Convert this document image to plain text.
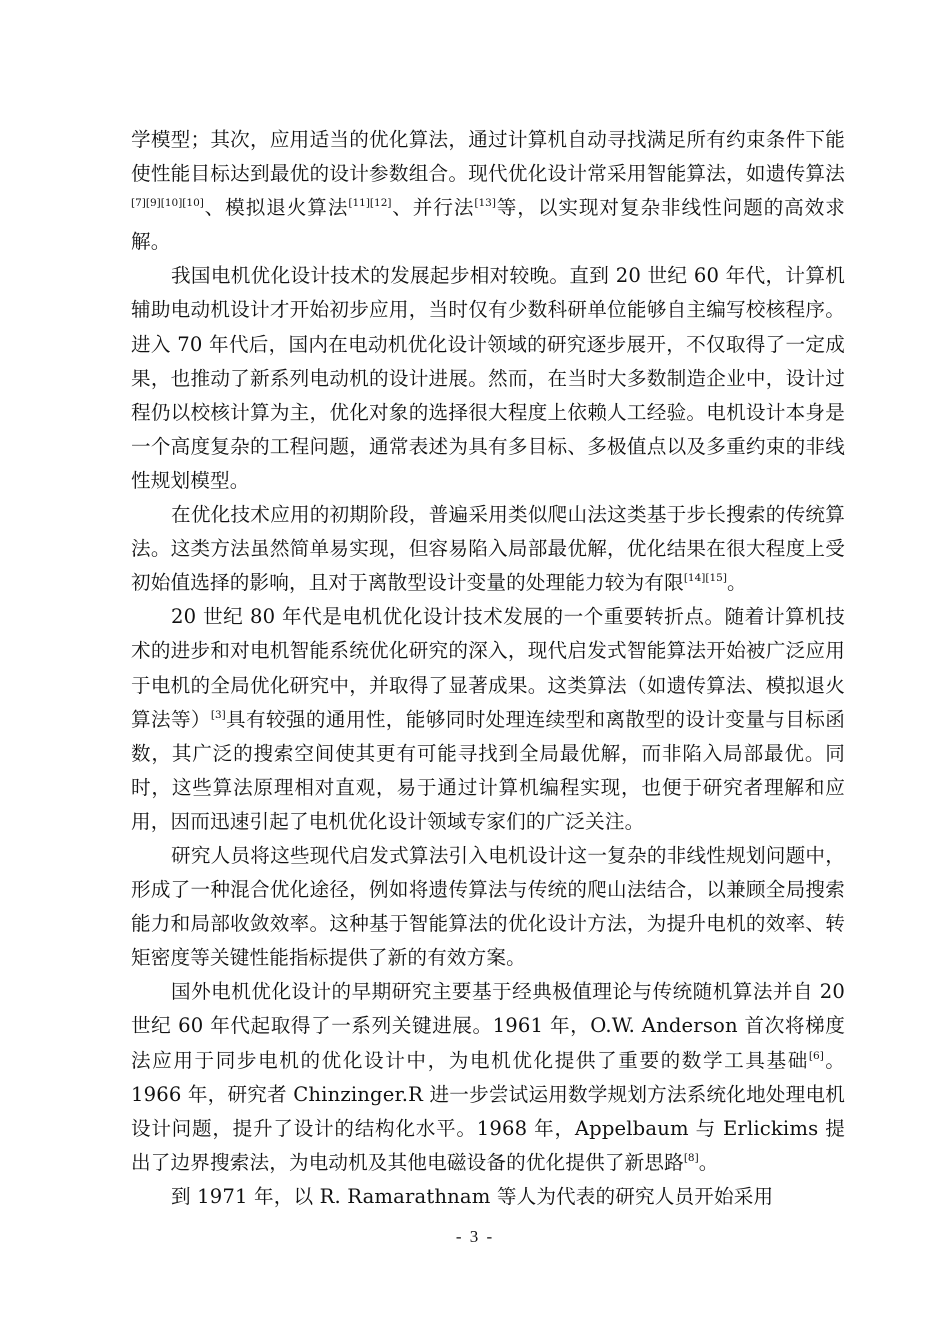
学模型；其次，应用适当的优化算法，通过计算机自动寻找满足所有约束条件下能使性能目标达到最优的设计参数组合。现代优化设计常采用智能算法，如遗传算法[7][9][10][10]、模拟退火算法[11][12]、并行法[13]等，以实现对复杂非线性问题的高效求解。

我国电机优化设计技术的发展起步相对较晚。直到 20 世纪 60 年代，计算机辅助电动机设计才开始初步应用，当时仅有少数科研单位能够自主编写校核程序。进入 70 年代后，国内在电动机优化设计领域的研究逐步展开，不仅取得了一定成果，也推动了新系列电动机的设计进展。然而，在当时大多数制造企业中，设计过程仍以校核计算为主，优化对象的选择很大程度上依赖人工经验。电机设计本身是一个高度复杂的工程问题，通常表述为具有多目标、多极值点以及多重约束的非线性规划模型。

在优化技术应用的初期阶段，普遍采用类似爬山法这类基于步长搜索的传统算法。这类方法虽然简单易实现，但容易陷入局部最优解，优化结果在很大程度上受初始值选择的影响，且对于离散型设计变量的处理能力较为有限[14][15]。

20 世纪 80 年代是电机优化设计技术发展的一个重要转折点。随着计算机技术的进步和对电机智能系统优化研究的深入，现代启发式智能算法开始被广泛应用于电机的全局优化研究中，并取得了显著成果。这类算法（如遗传算法、模拟退火算法等）[3]具有较强的通用性，能够同时处理连续型和离散型的设计变量与目标函数，其广泛的搜索空间使其更有可能寻找到全局最优解，而非陷入局部最优。同时，这些算法原理相对直观，易于通过计算机编程实现，也便于研究者理解和应用，因而迅速引起了电机优化设计领域专家们的广泛关注。

研究人员将这些现代启发式算法引入电机设计这一复杂的非线性规划问题中，形成了一种混合优化途径，例如将遗传算法与传统的爬山法结合，以兼顾全局搜索能力和局部收敛效率。这种基于智能算法的优化设计方法，为提升电机的效率、转矩密度等关键性能指标提供了新的有效方案。

国外电机优化设计的早期研究主要基于经典极值理论与传统随机算法并自 20 世纪 60 年代起取得了一系列关键进展。1961 年，O.W. Anderson 首次将梯度法应用于同步电机的优化设计中，为电机优化提供了重要的数学工具基础[6]。1966 年，研究者 Chinzinger.R 进一步尝试运用数学规划方法系统化地处理电机设计问题，提升了设计的结构化水平。1968 年，Appelbaum 与 Erlickims 提出了边界搜索法，为电动机及其他电磁设备的优化提供了新思路[8]。

到 1971 年，以 R. Ramarathnam 等人为代表的研究人员开始采用

- 3 -
